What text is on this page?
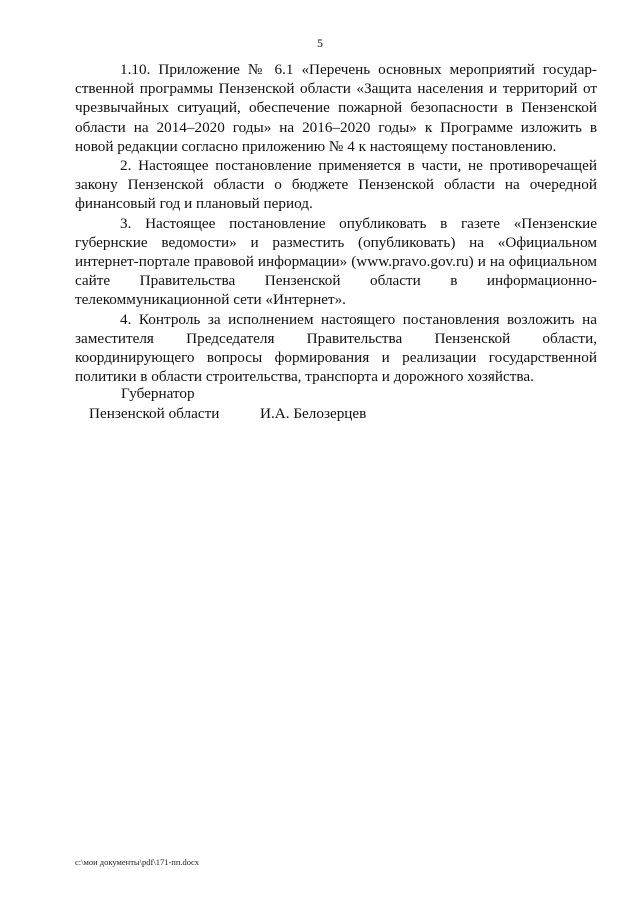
5

1.10. Приложение № 6.1 «Перечень основных мероприятий государ-ственной программы Пензенской области «Защита населения и территорий от чрезвычайных ситуаций, обеспечение пожарной безопасности в Пензенской области на 2014–2020 годы» на 2016–2020 годы» к Программе изложить в новой редакции согласно приложению № 4 к настоящему постановлению.

2. Настоящее постановление применяется в части, не противоречащей закону Пензенской области о бюджете Пензенской области на очередной финансовый год и плановый период.

3. Настоящее постановление опубликовать в газете «Пензенские губернские ведомости» и разместить (опубликовать) на «Официальном интернет-портале правовой информации» (www.pravo.gov.ru) и на официальном сайте Правительства Пензенской области в информационно-телекоммуникационной сети «Интернет».

4. Контроль за исполнением настоящего постановления возложить на заместителя Председателя Правительства Пензенской области, координирующего вопросы формирования и реализации государственной политики в области строительства, транспорта и дорожного хозяйства.

Губернатор
Пензенской области	И.А. Белозерцев
c:\мои документы\pdf\171-пп.docx
